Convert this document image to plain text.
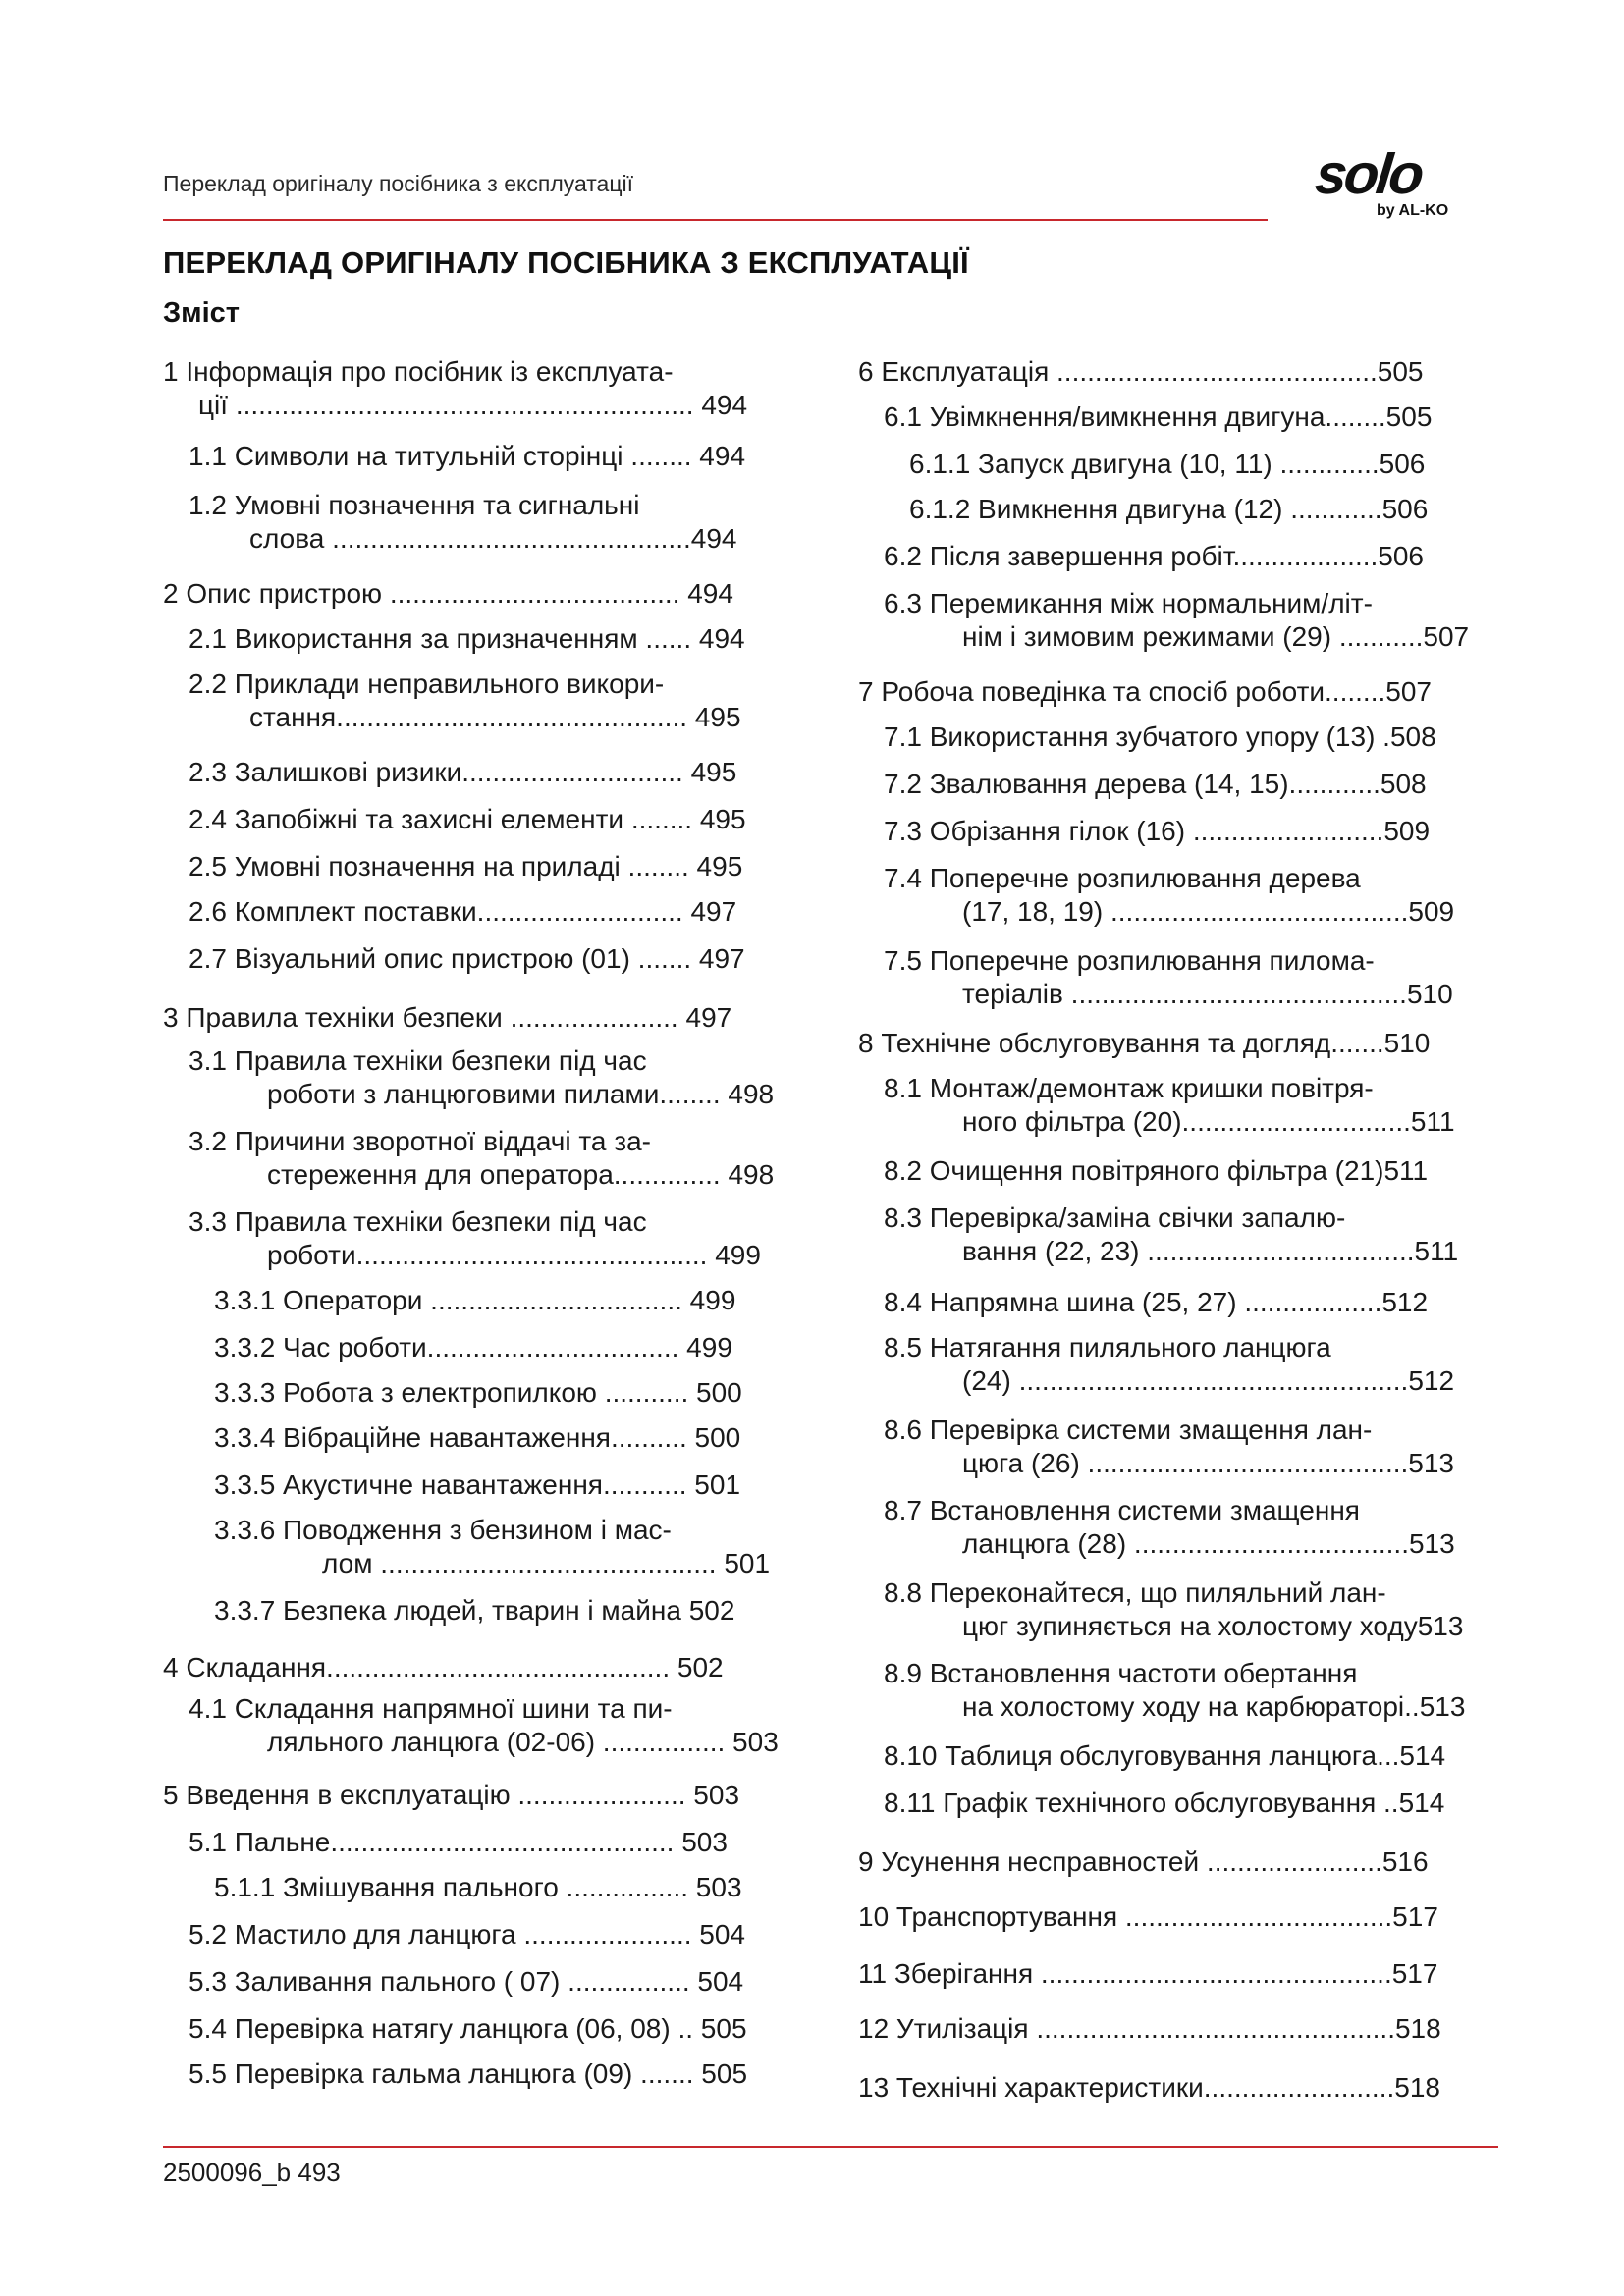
Переклад оригіналу посібника з експлуатації	solo
by AL-KO
ПЕРЕКЛАД ОРИГІНАЛУ ПОСІБНИКА З ЕКСПЛУАТАЦІЇ
Зміст
1 Інформація про посібник із експлуата-
ції ............................................................ 494
1.1 Символи на титульній сторінці ........ 494
1.2 Умовні позначення та сигнальні
слова ...............................................494
2 Опис пристрою ...................................... 494
2.1 Використання за призначенням ...... 494
2.2 Приклади неправильного викори-
стання.............................................. 495
2.3 Залишкові ризики............................. 495
2.4 Запобіжні та захисні елементи ........ 495
2.5 Умовні позначення на приладі ........ 495
2.6 Комплект поставки........................... 497
2.7 Візуальний опис пристрою (01) ....... 497
3 Правила техніки безпеки ...................... 497
3.1 Правила техніки безпеки під час
роботи з ланцюговими пилами........ 498
3.2 Причини зворотної віддачі та за-
стереження для оператора.............. 498
3.3 Правила техніки безпеки під час
роботи.............................................. 499
3.3.1 Оператори ................................. 499
3.3.2 Час роботи................................. 499
3.3.3 Робота з електропилкою ........... 500
3.3.4 Вібраційне навантаження.......... 500
3.3.5 Акустичне навантаження........... 501
3.3.6 Поводження з бензином і мас-
лом ............................................ 501
3.3.7 Безпека людей, тварин і майна 502
4 Складання............................................. 502
4.1 Складання напрямної шини та пи-
ляльного ланцюга (02-06) ................ 503
5 Введення в експлуатацію ...................... 503
5.1 Пальне............................................. 503
5.1.1 Змішування пального ................ 503
5.2 Мастило для ланцюга ...................... 504
5.3 Заливання пального ( 07) ................ 504
5.4 Перевірка натягу ланцюга (06, 08) .. 505
5.5 Перевірка гальма ланцюга (09) ....... 505
6 Експлуатація ..........................................505
6.1 Увімкнення/вимкнення двигуна........505
6.1.1 Запуск двигуна (10, 11) .............506
6.1.2 Вимкнення двигуна (12) ............506
6.2 Після завершення робіт...................506
6.3 Перемикання між нормальним/літ-
нім і зимовим режимами (29) ...........507
7 Робоча поведінка та спосіб роботи........507
7.1 Використання зубчатого упору (13) .508
7.2 Звалювання дерева (14, 15)............508
7.3 Обрізання гілок (16) .........................509
7.4 Поперечне розпилювання дерева
(17, 18, 19) .......................................509
7.5 Поперечне розпилювання пилома-
теріалів ............................................510
8 Технічне обслуговування та догляд.......510
8.1 Монтаж/демонтаж кришки повітря-
ного фільтра (20)..............................511
8.2 Очищення повітряного фільтра (21)511
8.3 Перевірка/заміна свічки запалю-
вання (22, 23) ...................................511
8.4 Напрямна шина (25, 27) ..................512
8.5 Натягання пиляльного ланцюга
(24) ...................................................512
8.6 Перевірка системи змащення лан-
цюга (26) ..........................................513
8.7 Встановлення системи змащення
ланцюга (28) ....................................513
8.8 Переконайтеся, що пиляльний лан-
цюг зупиняється на холостому ходу513
8.9 Встановлення частоти обертання
на холостому ходу на карбюраторі..513
8.10 Таблиця обслуговування ланцюга...514
8.11 Графік технічного обслуговування ..514
9 Усунення несправностей .......................516
10 Транспортування ...................................517
11 Зберігання ..............................................517
12 Утилізація ...............................................518
13 Технічні характеристики.........................518
2500096_b 493
